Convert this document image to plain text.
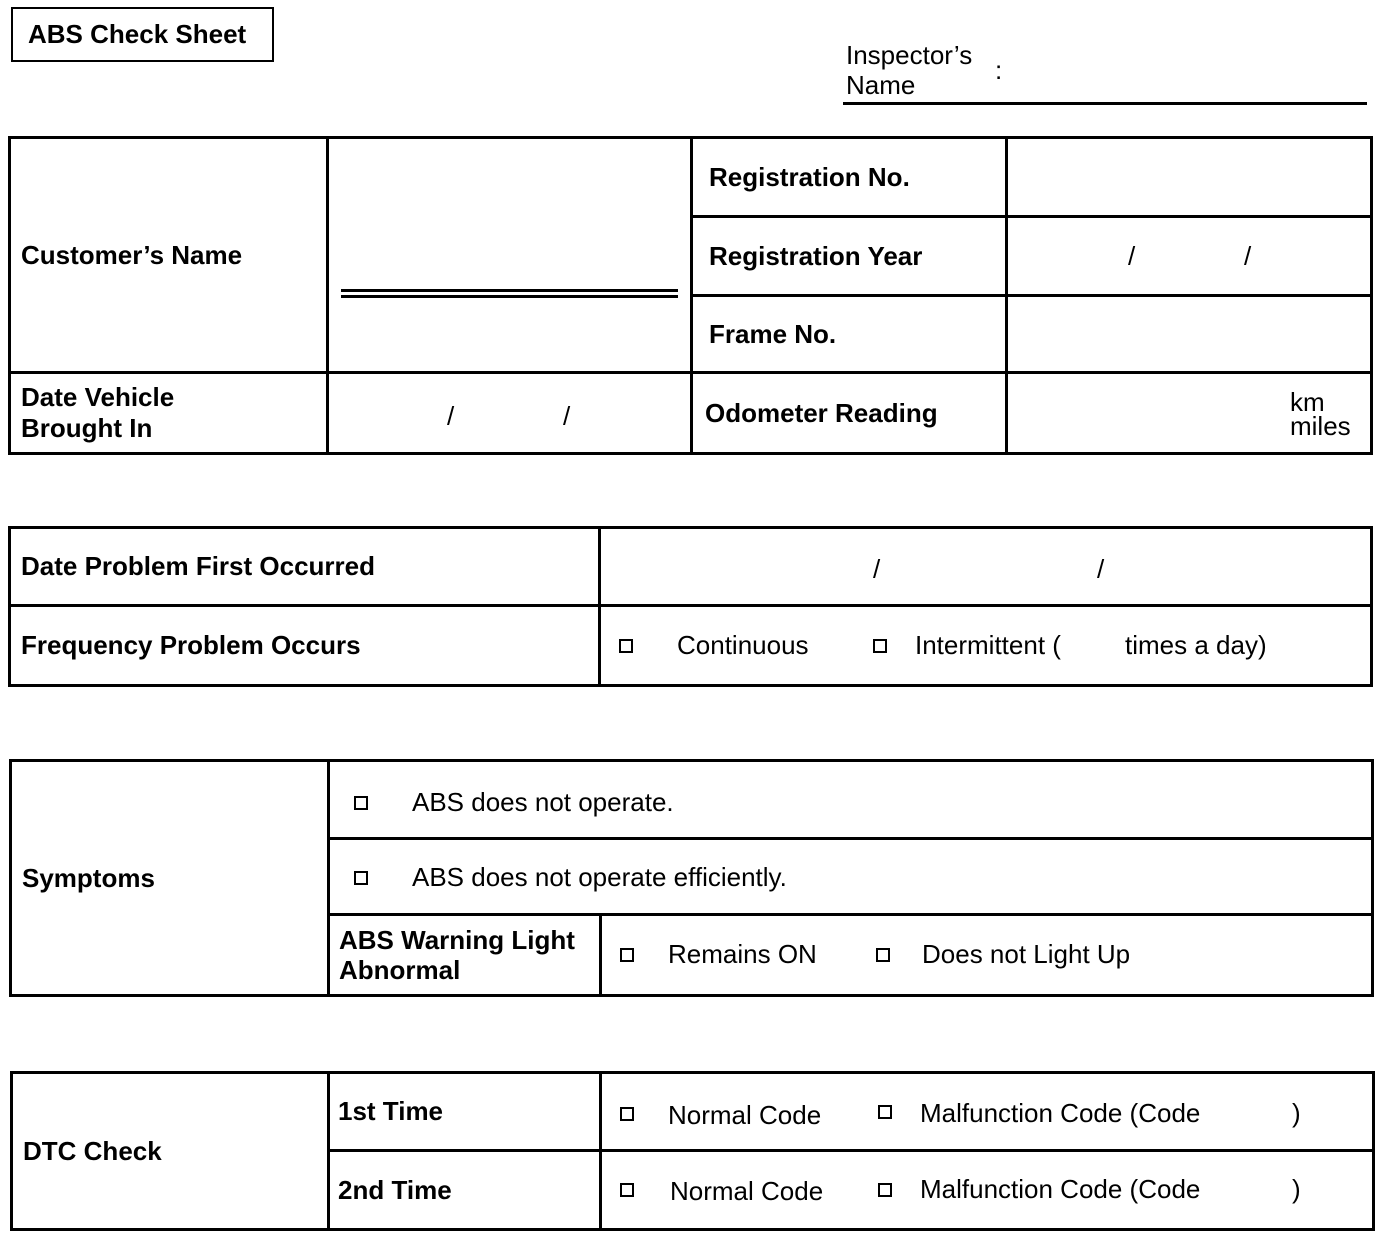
ABS Check Sheet
Inspector’s
Name	:
Customer’s Name		Registration No.	
		Registration Year	/ /

		Frame No.	
Date Vehicle
Brought In	/ /	Odometer Reading	km
miles
Date Problem First Occurred	/ /

Frequency Problem Occurs	Continuous Intermittent ( times a day)
Symptoms	ABS does not operate.	

	ABS does not operate efficiently.	

	ABS Warning Light
Abnormal	Remains ON Does not Light Up
DTC Check	1st Time	Normal Code Malfunction Code (Code )

	2nd Time	Normal Code Malfunction Code (Code )
